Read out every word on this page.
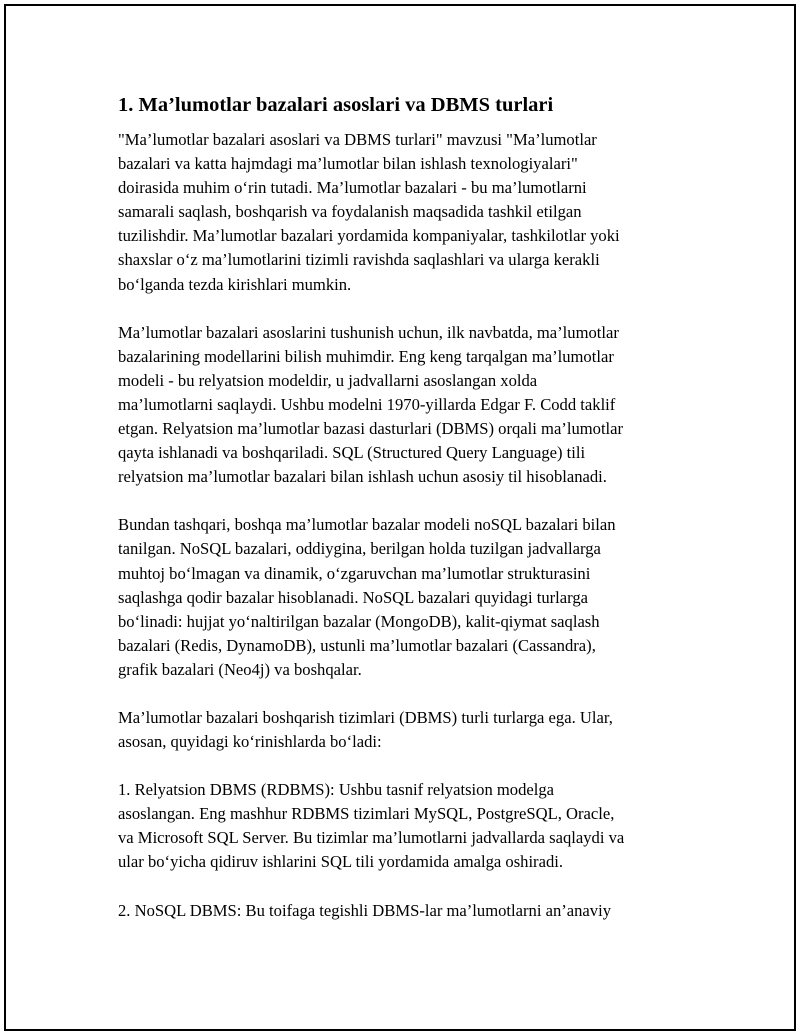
1. Ma’lumotlar bazalari asoslari va DBMS turlari

"Ma’lumotlar bazalari asoslari va DBMS turlari" mavzusi "Ma’lumotlar
bazalari va katta hajmdagi ma’lumotlar bilan ishlash texnologiyalari"
doirasida muhim o‘rin tutadi. Ma’lumotlar bazalari - bu ma’lumotlarni
samarali saqlash, boshqarish va foydalanish maqsadida tashkil etilgan
tuzilishdir. Ma’lumotlar bazalari yordamida kompaniyalar, tashkilotlar yoki
shaxslar o‘z ma’lumotlarini tizimli ravishda saqlashlari va ularga kerakli
bo‘lganda tezda kirishlari mumkin.

Ma’lumotlar bazalari asoslarini tushunish uchun, ilk navbatda, ma’lumotlar
bazalarining modellarini bilish muhimdir. Eng keng tarqalgan ma’lumotlar
modeli - bu relyatsion modeldir, u jadvallarni asoslangan xolda
ma’lumotlarni saqlaydi. Ushbu modelni 1970-yillarda Edgar F. Codd taklif
etgan. Relyatsion ma’lumotlar bazasi dasturlari (DBMS) orqali ma’lumotlar
qayta ishlanadi va boshqariladi. SQL (Structured Query Language) tili
relyatsion ma’lumotlar bazalari bilan ishlash uchun asosiy til hisoblanadi.

Bundan tashqari, boshqa ma’lumotlar bazalar modeli noSQL bazalari bilan
tanilgan. NoSQL bazalari, oddiygina, berilgan holda tuzilgan jadvallarga
muhtoj bo‘lmagan va dinamik, o‘zgaruvchan ma’lumotlar strukturasini
saqlashga qodir bazalar hisoblanadi. NoSQL bazalari quyidagi turlarga
bo‘linadi: hujjat yo‘naltirilgan bazalar (MongoDB), kalit-qiymat saqlash
bazalari (Redis, DynamoDB), ustunli ma’lumotlar bazalari (Cassandra),
grafik bazalari (Neo4j) va boshqalar.

Ma’lumotlar bazalari boshqarish tizimlari (DBMS) turli turlarga ega. Ular,
asosan, quyidagi ko‘rinishlarda bo‘ladi:

1. Relyatsion DBMS (RDBMS): Ushbu tasnif relyatsion modelga
asoslangan. Eng mashhur RDBMS tizimlari MySQL, PostgreSQL, Oracle,
va Microsoft SQL Server. Bu tizimlar ma’lumotlarni jadvallarda saqlaydi va
ular bo‘yicha qidiruv ishlarini SQL tili yordamida amalga oshiradi.

2. NoSQL DBMS: Bu toifaga tegishli DBMS-lar ma’lumotlarni an’anaviy
